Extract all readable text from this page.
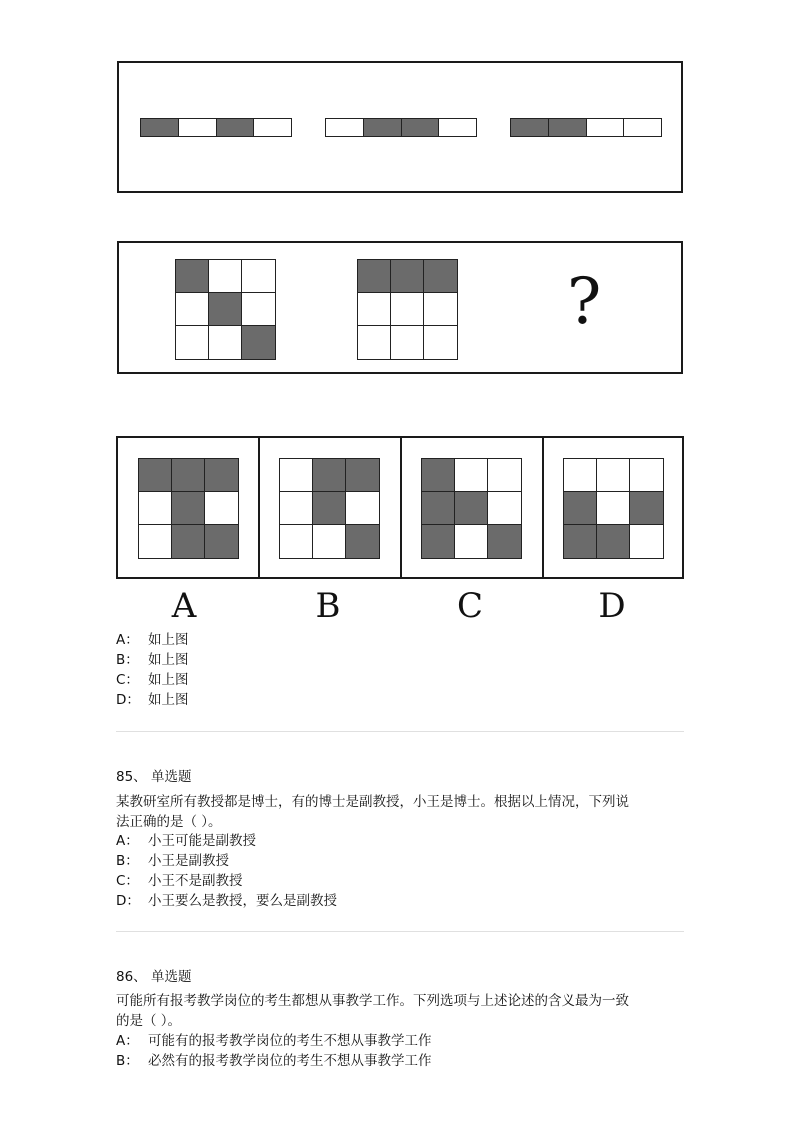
?
A	B	C	D
A： 如上图
B： 如上图
C： 如上图
D： 如上图
85、 单选题
某教研室所有教授都是博士，有的博士是副教授，小王是博士。根据以上情况，下列说
法正确的是（ ）。
A： 小王可能是副教授
B： 小王是副教授
C： 小王不是副教授
D： 小王要么是教授，要么是副教授
86、 单选题
可能所有报考教学岗位的考生都想从事教学工作。下列选项与上述论述的含义最为一致
的是（ ）。
A： 可能有的报考教学岗位的考生不想从事教学工作
B： 必然有的报考教学岗位的考生不想从事教学工作
